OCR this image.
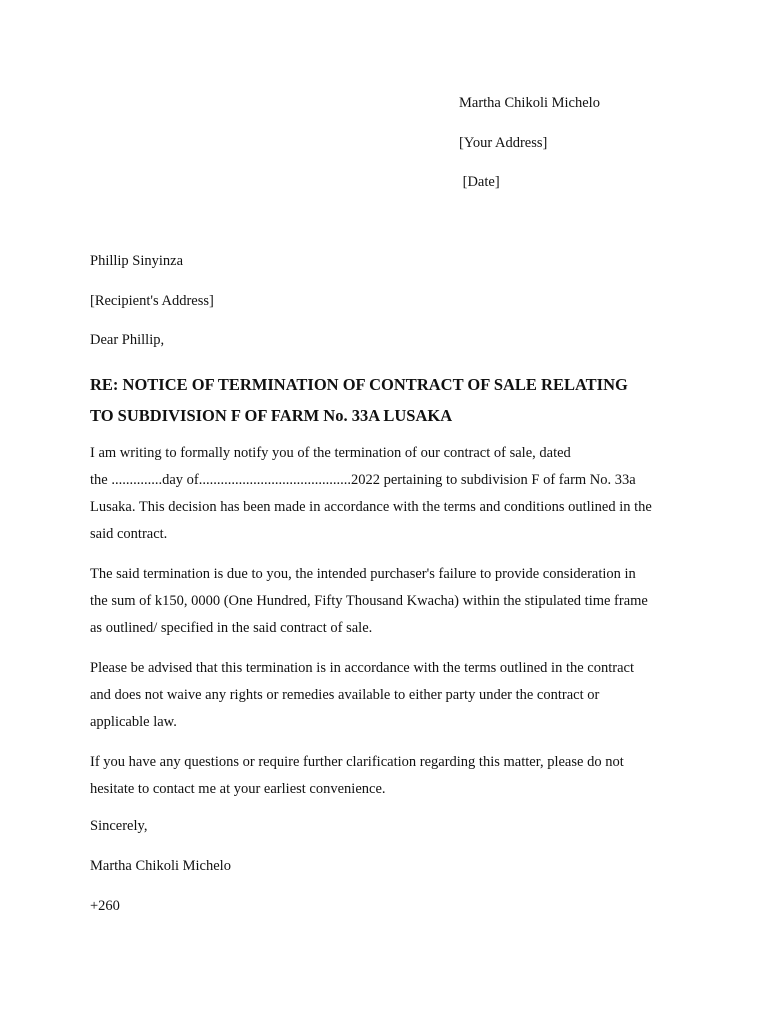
Martha Chikoli Michelo
[Your Address]
[Date]
Phillip Sinyinza
[Recipient's Address]
Dear Phillip,
RE: NOTICE OF TERMINATION OF CONTRACT OF SALE RELATING
TO SUBDIVISION F OF FARM No. 33A LUSAKA
I am writing to formally notify you of the termination of our contract of sale, dated
the ..............day of..........................................2022 pertaining to subdivision F of farm No. 33a
Lusaka. This decision has been made in accordance with the terms and conditions outlined in the
said contract.
The said termination is due to you, the intended purchaser's failure to provide consideration in
the sum of k150, 0000 (One Hundred, Fifty Thousand Kwacha) within the stipulated time frame
as outlined/ specified in the said contract of sale.
Please be advised that this termination is in accordance with the terms outlined in the contract
and does not waive any rights or remedies available to either party under the contract or
applicable law.
If you have any questions or require further clarification regarding this matter, please do not
hesitate to contact me at your earliest convenience.
Sincerely,
Martha Chikoli Michelo
+260
